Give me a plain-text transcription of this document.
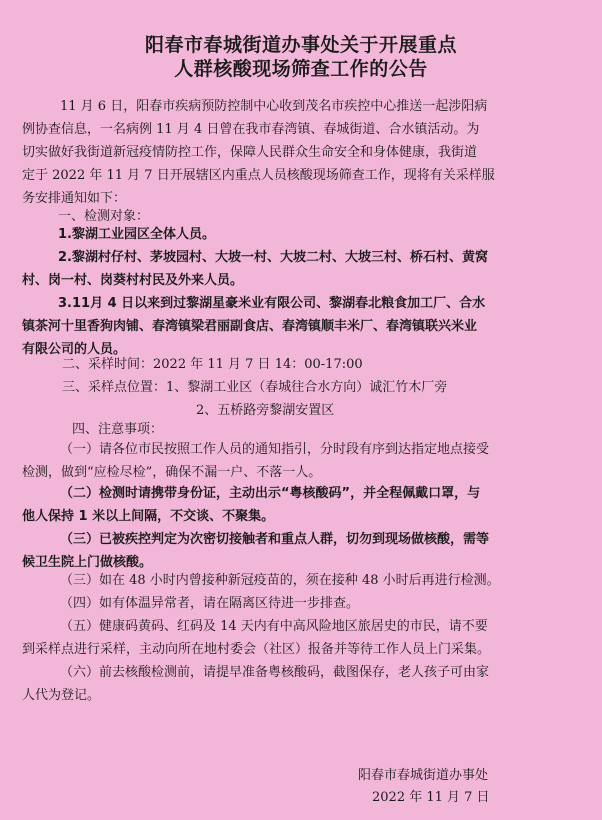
阳春市春城街道办事处关于开展重点
人群核酸现场筛查工作的公告
11 月 6 日，阳春市疾病预防控制中心收到茂名市疾控中心推送一起涉阳病
例协查信息，一名病例 11 月 4 日曾在我市春湾镇、春城街道、合水镇活动。为
切实做好我街道新冠疫情防控工作，保障人民群众生命安全和身体健康，我街道
定于 2022 年 11 月 7 日开展辖区内重点人员核酸现场筛查工作，现将有关采样服
务安排通知如下：
一、检测对象：
1.黎湖工业园区全体人员。
2.黎湖村仔村、茅坡园村、大坡一村、大坡二村、大坡三村、桥石村、黄窝
村、岗一村、岗葵村村民及外来人员。
3.11月 4 日以来到过黎湖星豪米业有限公司、黎湖春北粮食加工厂、合水
镇茶河十里香狗肉铺、春湾镇梁君丽副食店、春湾镇顺丰米厂、春湾镇联兴米业
有限公司的人员。
二、采样时间：2022 年 11 月 7 日 14：00-17:00
三、采样点位置：1、黎湖工业区（春城往合水方向）诚汇竹木厂旁
2、五桥路旁黎湖安置区
四、注意事项：
（一）请各位市民按照工作人员的通知指引，分时段有序到达指定地点接受
检测，做到“应检尽检”，确保不漏一户、不落一人。
（二）检测时请携带身份证，主动出示“粤核酸码”，并全程佩戴口罩，与
他人保持 1 米以上间隔，不交谈、不聚集。
（三）已被疾控判定为次密切接触者和重点人群，切勿到现场做核酸，需等
候卫生院上门做核酸。
（三）如在 48 小时内曾接种新冠疫苗的，须在接种 48 小时后再进行检测。
（四）如有体温异常者，请在隔离区待进一步排查。
（五）健康码黄码、红码及 14 天内有中高风险地区旅居史的市民，请不要
到采样点进行采样，主动向所在地村委会（社区）报备并等待工作人员上门采集。
（六）前去核酸检测前，请提早准备粤核酸码，截图保存，老人孩子可由家
人代为登记。
阳春市春城街道办事处
2022 年 11 月 7 日
